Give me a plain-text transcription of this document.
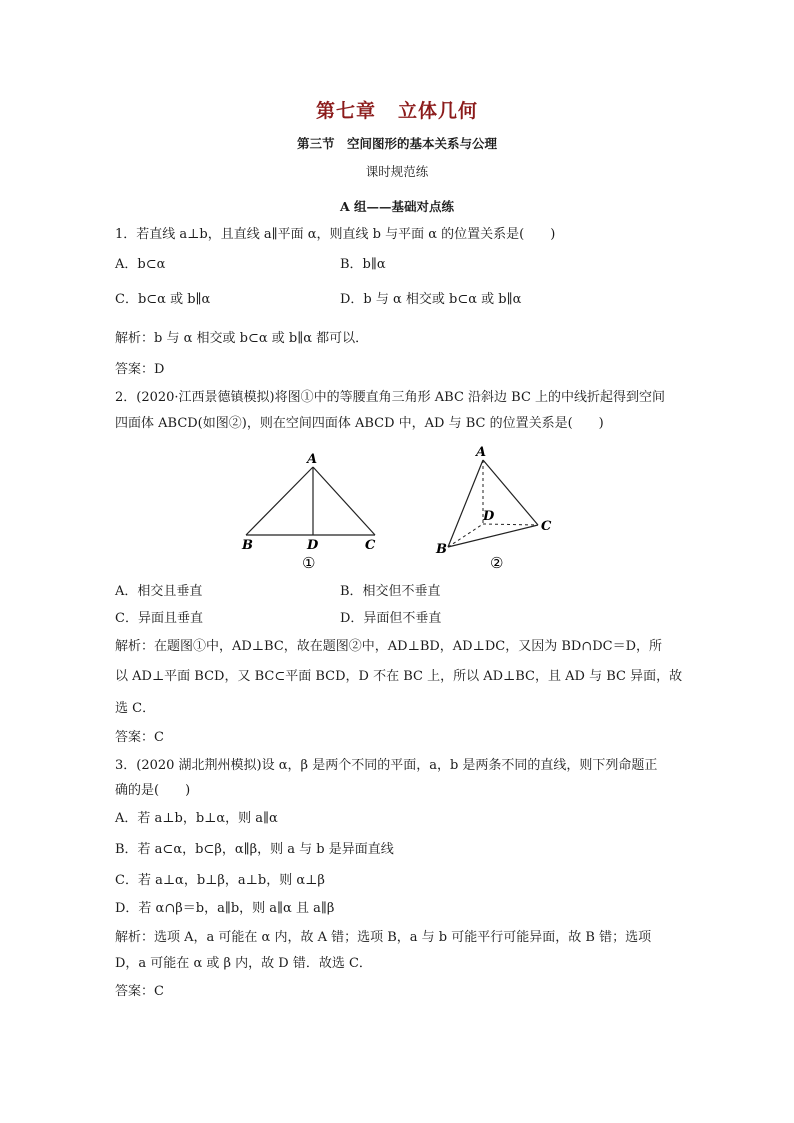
第七章 立体几何
第三节　空间图形的基本关系与公理
课时规范练
A 组——基础对点练
1．若直线 a⊥b，且直线 a∥平面 α，则直线 b 与平面 α 的位置关系是(　　)
A．b⊂α	B．b∥α
C．b⊂α 或 b∥α	D．b 与 α 相交或 b⊂α 或 b∥α
解析：b 与 α 相交或 b⊂α 或 b∥α 都可以．
答案：D
2．(2020·江西景德镇模拟)将图①中的等腰直角三角形 ABC 沿斜边 BC 上的中线折起得到空间
四面体 ABCD(如图②)，则在空间四面体 ABCD 中，AD 与 BC 的位置关系是(　　)
A
B	D	C
①
A
B
C
D
②
A．相交且垂直	B．相交但不垂直
C．异面且垂直	D．异面但不垂直
解析：在题图①中，AD⊥BC，故在题图②中，AD⊥BD，AD⊥DC，又因为 BD∩DC＝D，所
以 AD⊥平面 BCD，又 BC⊂平面 BCD，D 不在 BC 上，所以 AD⊥BC，且 AD 与 BC 异面，故
选 C．
答案：C
3．(2020 湖北荆州模拟)设 α，β 是两个不同的平面，a，b 是两条不同的直线，则下列命题正
确的是(　　)
A．若 a⊥b，b⊥α，则 a∥α
B．若 a⊂α，b⊂β，α∥β，则 a 与 b 是异面直线
C．若 a⊥α，b⊥β，a⊥b，则 α⊥β
D．若 α∩β＝b，a∥b，则 a∥α 且 a∥β
解析：选项 A，a 可能在 α 内，故 A 错；选项 B，a 与 b 可能平行可能异面，故 B 错；选项
D，a 可能在 α 或 β 内，故 D 错．故选 C．
答案：C
